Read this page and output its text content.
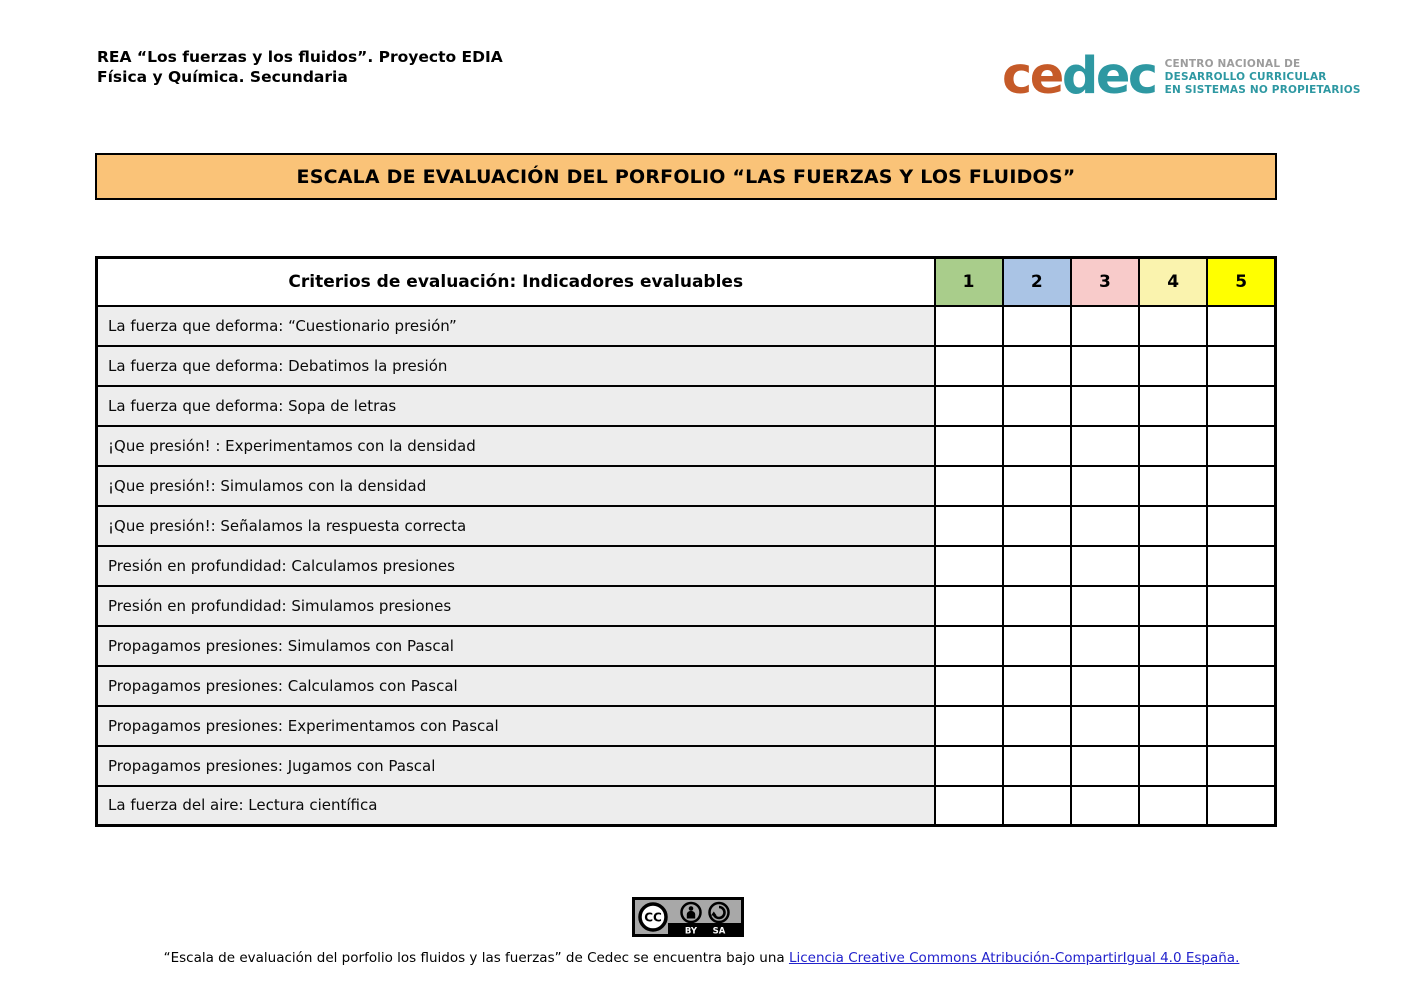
REA “Los fuerzas y los fluidos”. Proyecto EDIA
Física y Química. Secundaria	cedec CENTRO NACIONAL DE
DESARROLLO CURRICULAR
EN SISTEMAS NO PROPIETARIOS
ESCALA DE EVALUACIÓN DEL PORFOLIO “LAS FUERZAS Y LOS FLUIDOS”
Criterios de evaluación: Indicadores evaluables	1	2	3	4	5
La fuerza que deforma: “Cuestionario presión”					
La fuerza que deforma: Debatimos la presión					
La fuerza que deforma: Sopa de letras					
¡Que presión! : Experimentamos con la densidad					
¡Que presión!: Simulamos con la densidad					
¡Que presión!: Señalamos la respuesta correcta					
Presión en profundidad: Calculamos presiones					
Presión en profundidad: Simulamos presiones					
Propagamos presiones: Simulamos con Pascal					
Propagamos presiones: Calculamos con Pascal					
Propagamos presiones: Experimentamos con Pascal					
Propagamos presiones: Jugamos con Pascal					
La fuerza del aire: Lectura científica					
CC
BY SA
“Escala de evaluación del porfolio los fluidos y las fuerzas” de Cedec se encuentra bajo una Licencia Creative Commons Atribución-CompartirIgual 4.0 España.
